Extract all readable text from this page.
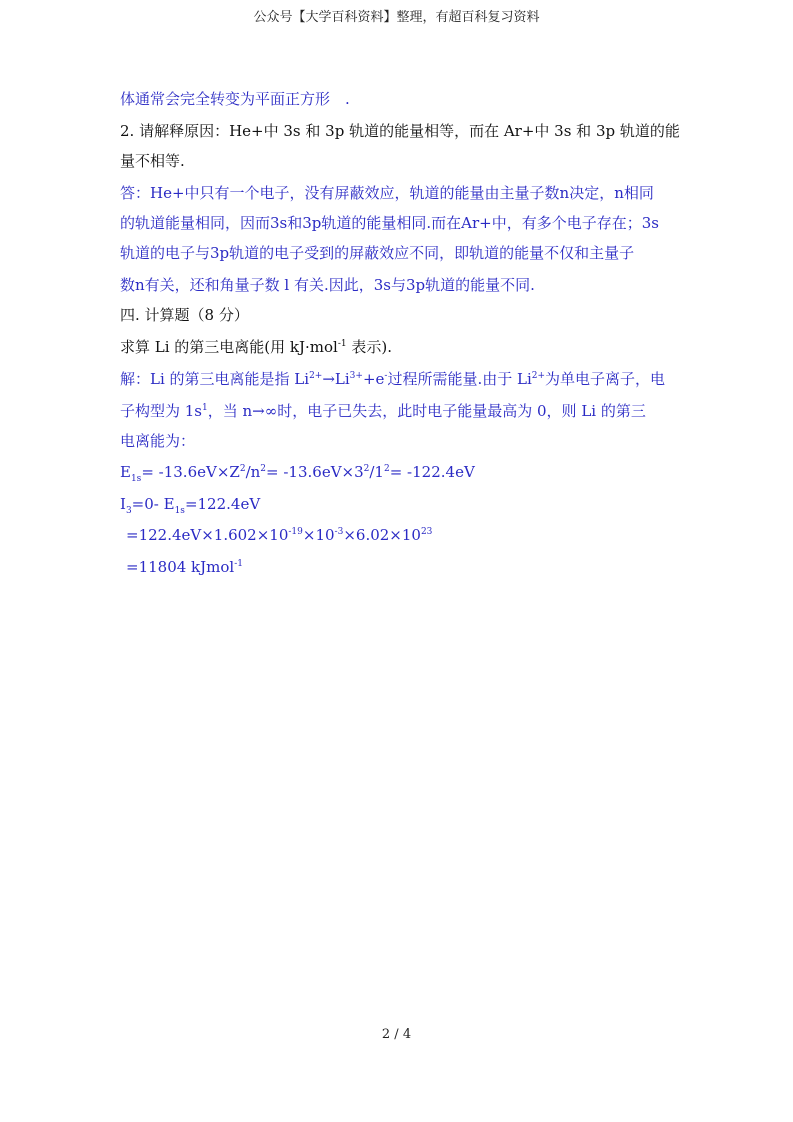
公众号【大学百科资料】整理，有超百科复习资料
体通常会完全转变为平面正方形　.
2. 请解释原因：He+中 3s 和 3p 轨道的能量相等，而在 Ar+中 3s 和 3p 轨道的能
量不相等.
答：He+中只有一个电子，没有屏蔽效应，轨道的能量由主量子数n决定，n相同
的轨道能量相同，因而3s和3p轨道的能量相同.而在Ar+中，有多个电子存在；3s
轨道的电子与3p轨道的电子受到的屏蔽效应不同，即轨道的能量不仅和主量子
数n有关，还和角量子数 l 有关.因此，3s与3p轨道的能量不同.
四. 计算题（8 分）
求算 Li 的第三电离能(用 kJ·mol$^{-1}$ 表示).
解：Li 的第三电离能是指 $Li^{2+}\to Li^{3+}+e^-$过程所需能量.由于 $Li^{2+}$为单电子离子，电
子构型为 $1s^1$，当 n→∞时，电子已失去，此时电子能量最高为 0，则 Li 的第三
电离能为：
$E_{1s}= -13.6eV\times Z^2/n^2= -13.6eV\times 3^2/1^2= -122.4eV$
$I_3=0-$ $E_{1s}=122.4eV$
$=122.4eV\times 1.602\times 10^{-19}\times 10^{-3}\times 6.02\times 10^{23}$
=11804 kJmol$^{-1}$
2 / 4
